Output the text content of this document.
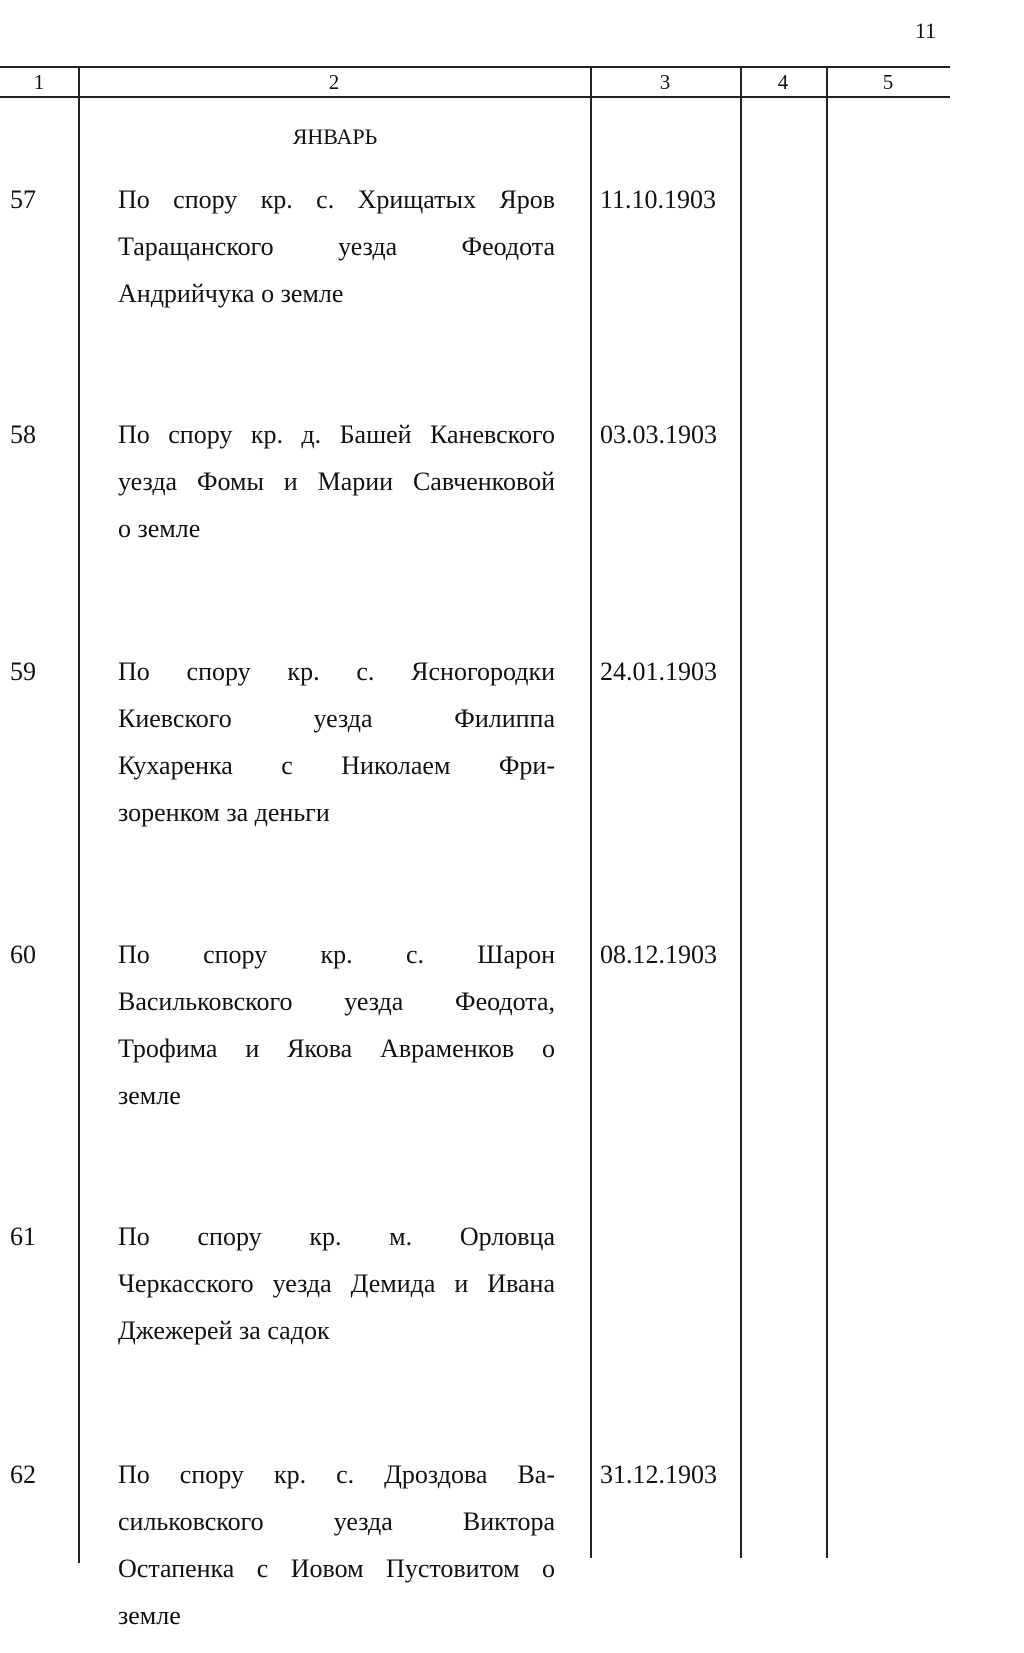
11
1	2	3	4	5
ЯНВАРЬ
57	По спору кр. с. Хрищатых Яров
Таращанского уезда Феодота
Андрийчука о земле
11.10.1903
58	По спору кр. д. Башей Каневского
уезда Фомы и Марии Савченковой
о земле
03.03.1903
59	По спору кр. с. Ясногородки
Киевского уезда Филиппа
Кухаренка с Николаем Фри-
зоренком за деньги
24.01.1903
60	По спору кр. с. Шарон
Васильковского уезда Феодота,
Трофима и Якова Авраменков о
земле
08.12.1903
61	По спору кр. м. Орловца
Черкасского уезда Демида и Ивана
Джежерей за садок
62	По спору кр. с. Дроздова Ва-
сильковского уезда Виктора
Остапенка с Иовом Пустовитом о
земле
31.12.1903
